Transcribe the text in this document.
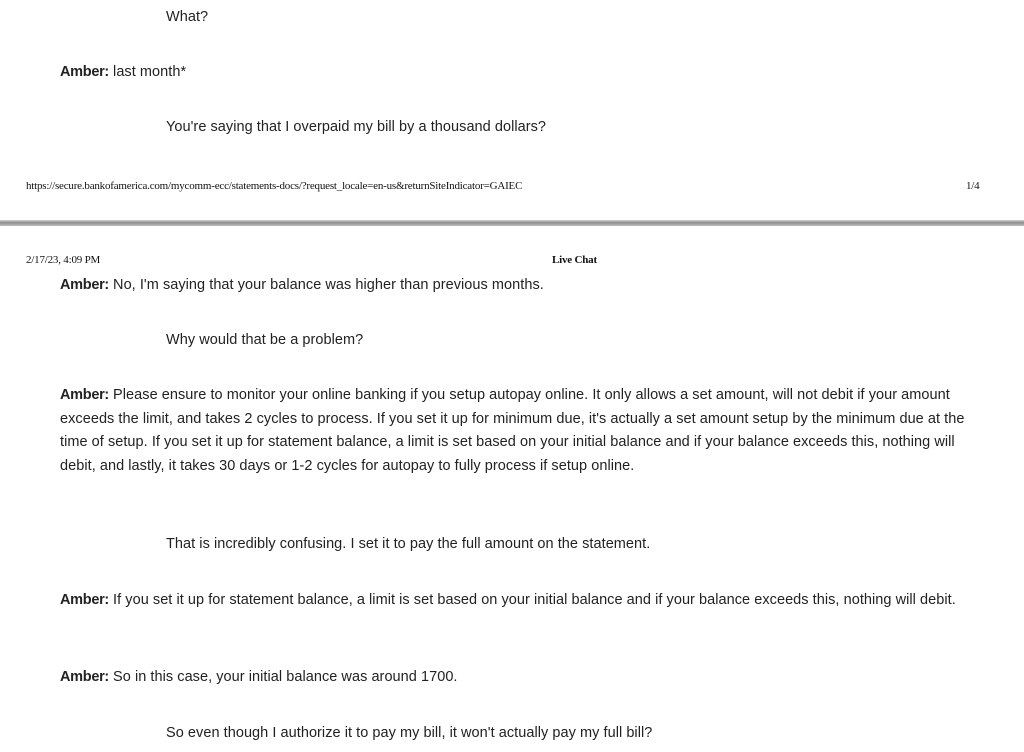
What?
Amber: last month*
You're saying that I overpaid my bill by a thousand dollars?
https://secure.bankofamerica.com/mycomm-ecc/statements-docs/?request_locale=en-us&returnSiteIndicator=GAIEC	1/4
2/17/23, 4:09 PM	Live Chat
Amber: No, I'm saying that your balance was higher than previous months.
Why would that be a problem?
Amber: Please ensure to monitor your online banking if you setup autopay online. It only allows a set amount, will not debit if your amount exceeds the limit, and takes 2 cycles to process. If you set it up for minimum due, it's actually a set amount setup by the minimum due at the time of setup. If you set it up for statement balance, a limit is set based on your initial balance and if your balance exceeds this, nothing will debit, and lastly, it takes 30 days or 1-2 cycles for autopay to fully process if setup online.
That is incredibly confusing. I set it to pay the full amount on the statement.
Amber: If you set it up for statement balance, a limit is set based on your initial balance and if your balance exceeds this, nothing will debit.
Amber: So in this case, your initial balance was around 1700.
So even though I authorize it to pay my bill, it won't actually pay my full bill?
